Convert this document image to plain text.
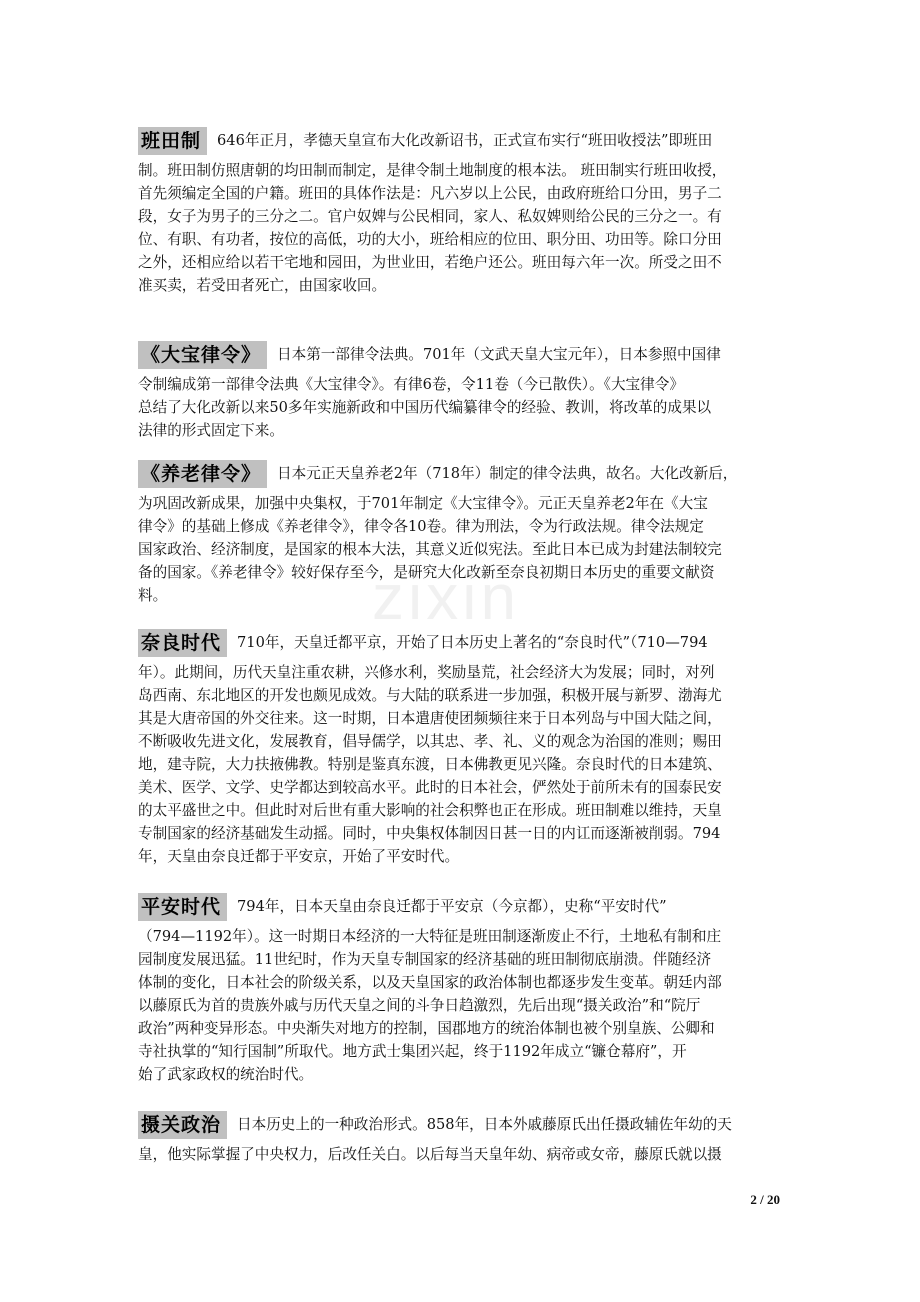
zixin
班田制	646年正月，孝德天皇宣布大化改新诏书，正式宣布实行“班田收授法”即班田
制。班田制仿照唐朝的均田制而制定，是律令制土地制度的根本法。 班田制实行班田收授，
首先须编定全国的户籍。班田的具体作法是：凡六岁以上公民，由政府班给口分田，男子二
段，女子为男子的三分之二。官户奴婢与公民相同，家人、私奴婢则给公民的三分之一。有
位、有职、有功者，按位的高低，功的大小，班给相应的位田、职分田、功田等。除口分田
之外，还相应给以若干宅地和园田，为世业田，若绝户还公。班田每六年一次。所受之田不
准买卖，若受田者死亡，由国家收回。
《大宝律令》	日本第一部律令法典。701年（文武天皇大宝元年），日本参照中国律
令制编成第一部律令法典《大宝律令》。有律6卷，令11卷（今已散佚）。《大宝律令》
总结了大化改新以来50多年实施新政和中国历代编纂律令的经验、教训，将改革的成果以
法律的形式固定下来。
《养老律令》	日本元正天皇养老2年（718年）制定的律令法典，故名。大化改新后，
为巩固改新成果，加强中央集权，于701年制定《大宝律令》。元正天皇养老2年在《大宝
律令》的基础上修成《养老律令》，律令各10卷。律为刑法，令为行政法规。律令法规定
国家政治、经济制度，是国家的根本大法，其意义近似宪法。至此日本已成为封建法制较完
备的国家。《养老律令》较好保存至今，是研究大化改新至奈良初期日本历史的重要文献资
料。
奈良时代	710年，天皇迁都平京，开始了日本历史上著名的“奈良时代”（710—794
年）。此期间，历代天皇注重农耕，兴修水利，奖励垦荒，社会经济大为发展；同时，对列
岛西南、东北地区的开发也颇见成效。与大陆的联系进一步加强，积极开展与新罗、渤海尤
其是大唐帝国的外交往来。这一时期，日本遣唐使团频频往来于日本列岛与中国大陆之间，
不断吸收先进文化，发展教育，倡导儒学，以其忠、孝、礼、义的观念为治国的准则；赐田
地，建寺院，大力扶掖佛教。特别是鉴真东渡，日本佛教更见兴隆。奈良时代的日本建筑、
美术、医学、文学、史学都达到较高水平。此时的日本社会，俨然处于前所未有的国泰民安
的太平盛世之中。但此时对后世有重大影响的社会积弊也正在形成。班田制难以维持，天皇
专制国家的经济基础发生动摇。同时，中央集权体制因日甚一日的内讧而逐渐被削弱。794
年，天皇由奈良迁都于平安京，开始了平安时代。
平安时代	794年，日本天皇由奈良迁都于平安京（今京都），史称“平安时代”
（794—1192年）。这一时期日本经济的一大特征是班田制逐渐废止不行，土地私有制和庄
园制度发展迅猛。11世纪时，作为天皇专制国家的经济基础的班田制彻底崩溃。伴随经济
体制的变化，日本社会的阶级关系，以及天皇国家的政治体制也都逐步发生变革。朝廷内部
以藤原氏为首的贵族外戚与历代天皇之间的斗争日趋激烈，先后出现“摄关政治”和“院厅
政治”两种变异形态。中央渐失对地方的控制，国郡地方的统治体制也被个别皇族、公卿和
寺社执掌的“知行国制”所取代。地方武士集团兴起，终于1192年成立“镰仓幕府”，开
始了武家政权的统治时代。
摄关政治	日本历史上的一种政治形式。858年，日本外戚藤原氏出任摄政辅佐年幼的天
皇，他实际掌握了中央权力，后改任关白。以后每当天皇年幼、病帝或女帝，藤原氏就以摄
2 / 20
